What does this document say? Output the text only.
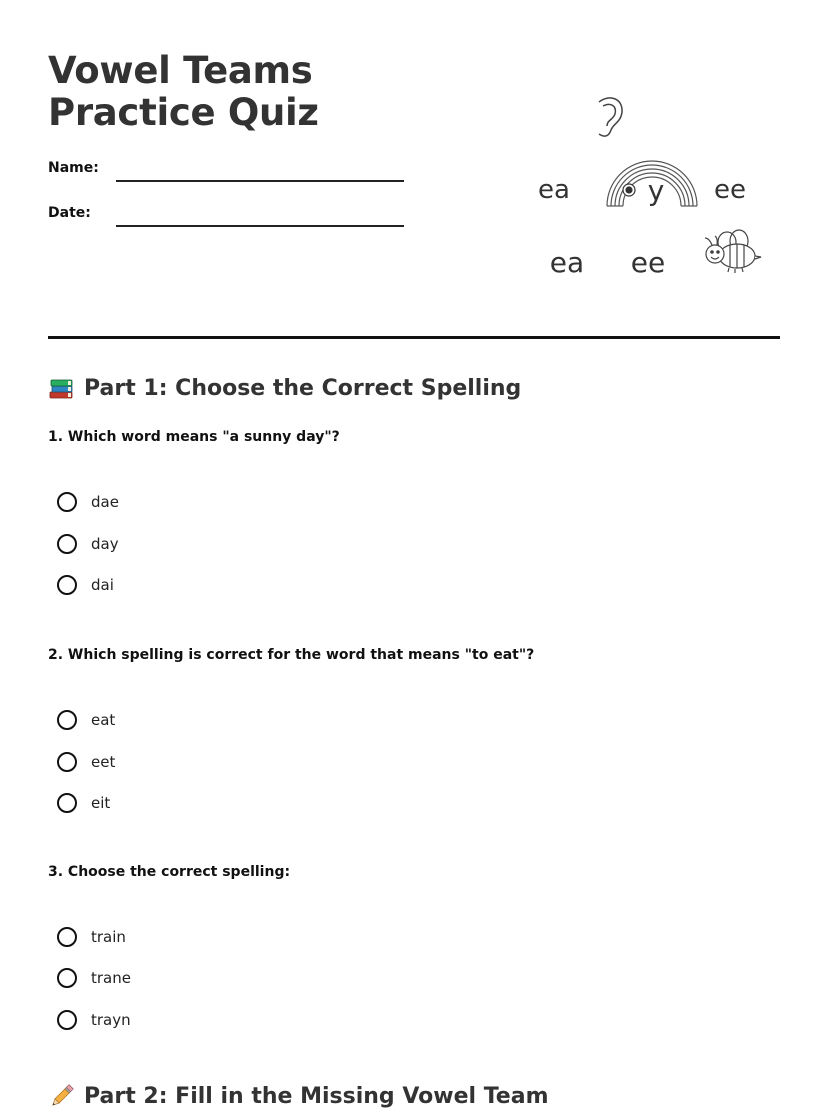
Vowel Teams Practice Quiz
Name:
Date:
ea	y ee
ea ee
Part 1: Choose the Correct Spelling
1. Which word means "a sunny day"?
dae
day
dai
2. Which spelling is correct for the word that means "to eat"?
eat
eet
eit
3. Choose the correct spelling:
train
trane
trayn
Part 2: Fill in the Missing Vowel Team
